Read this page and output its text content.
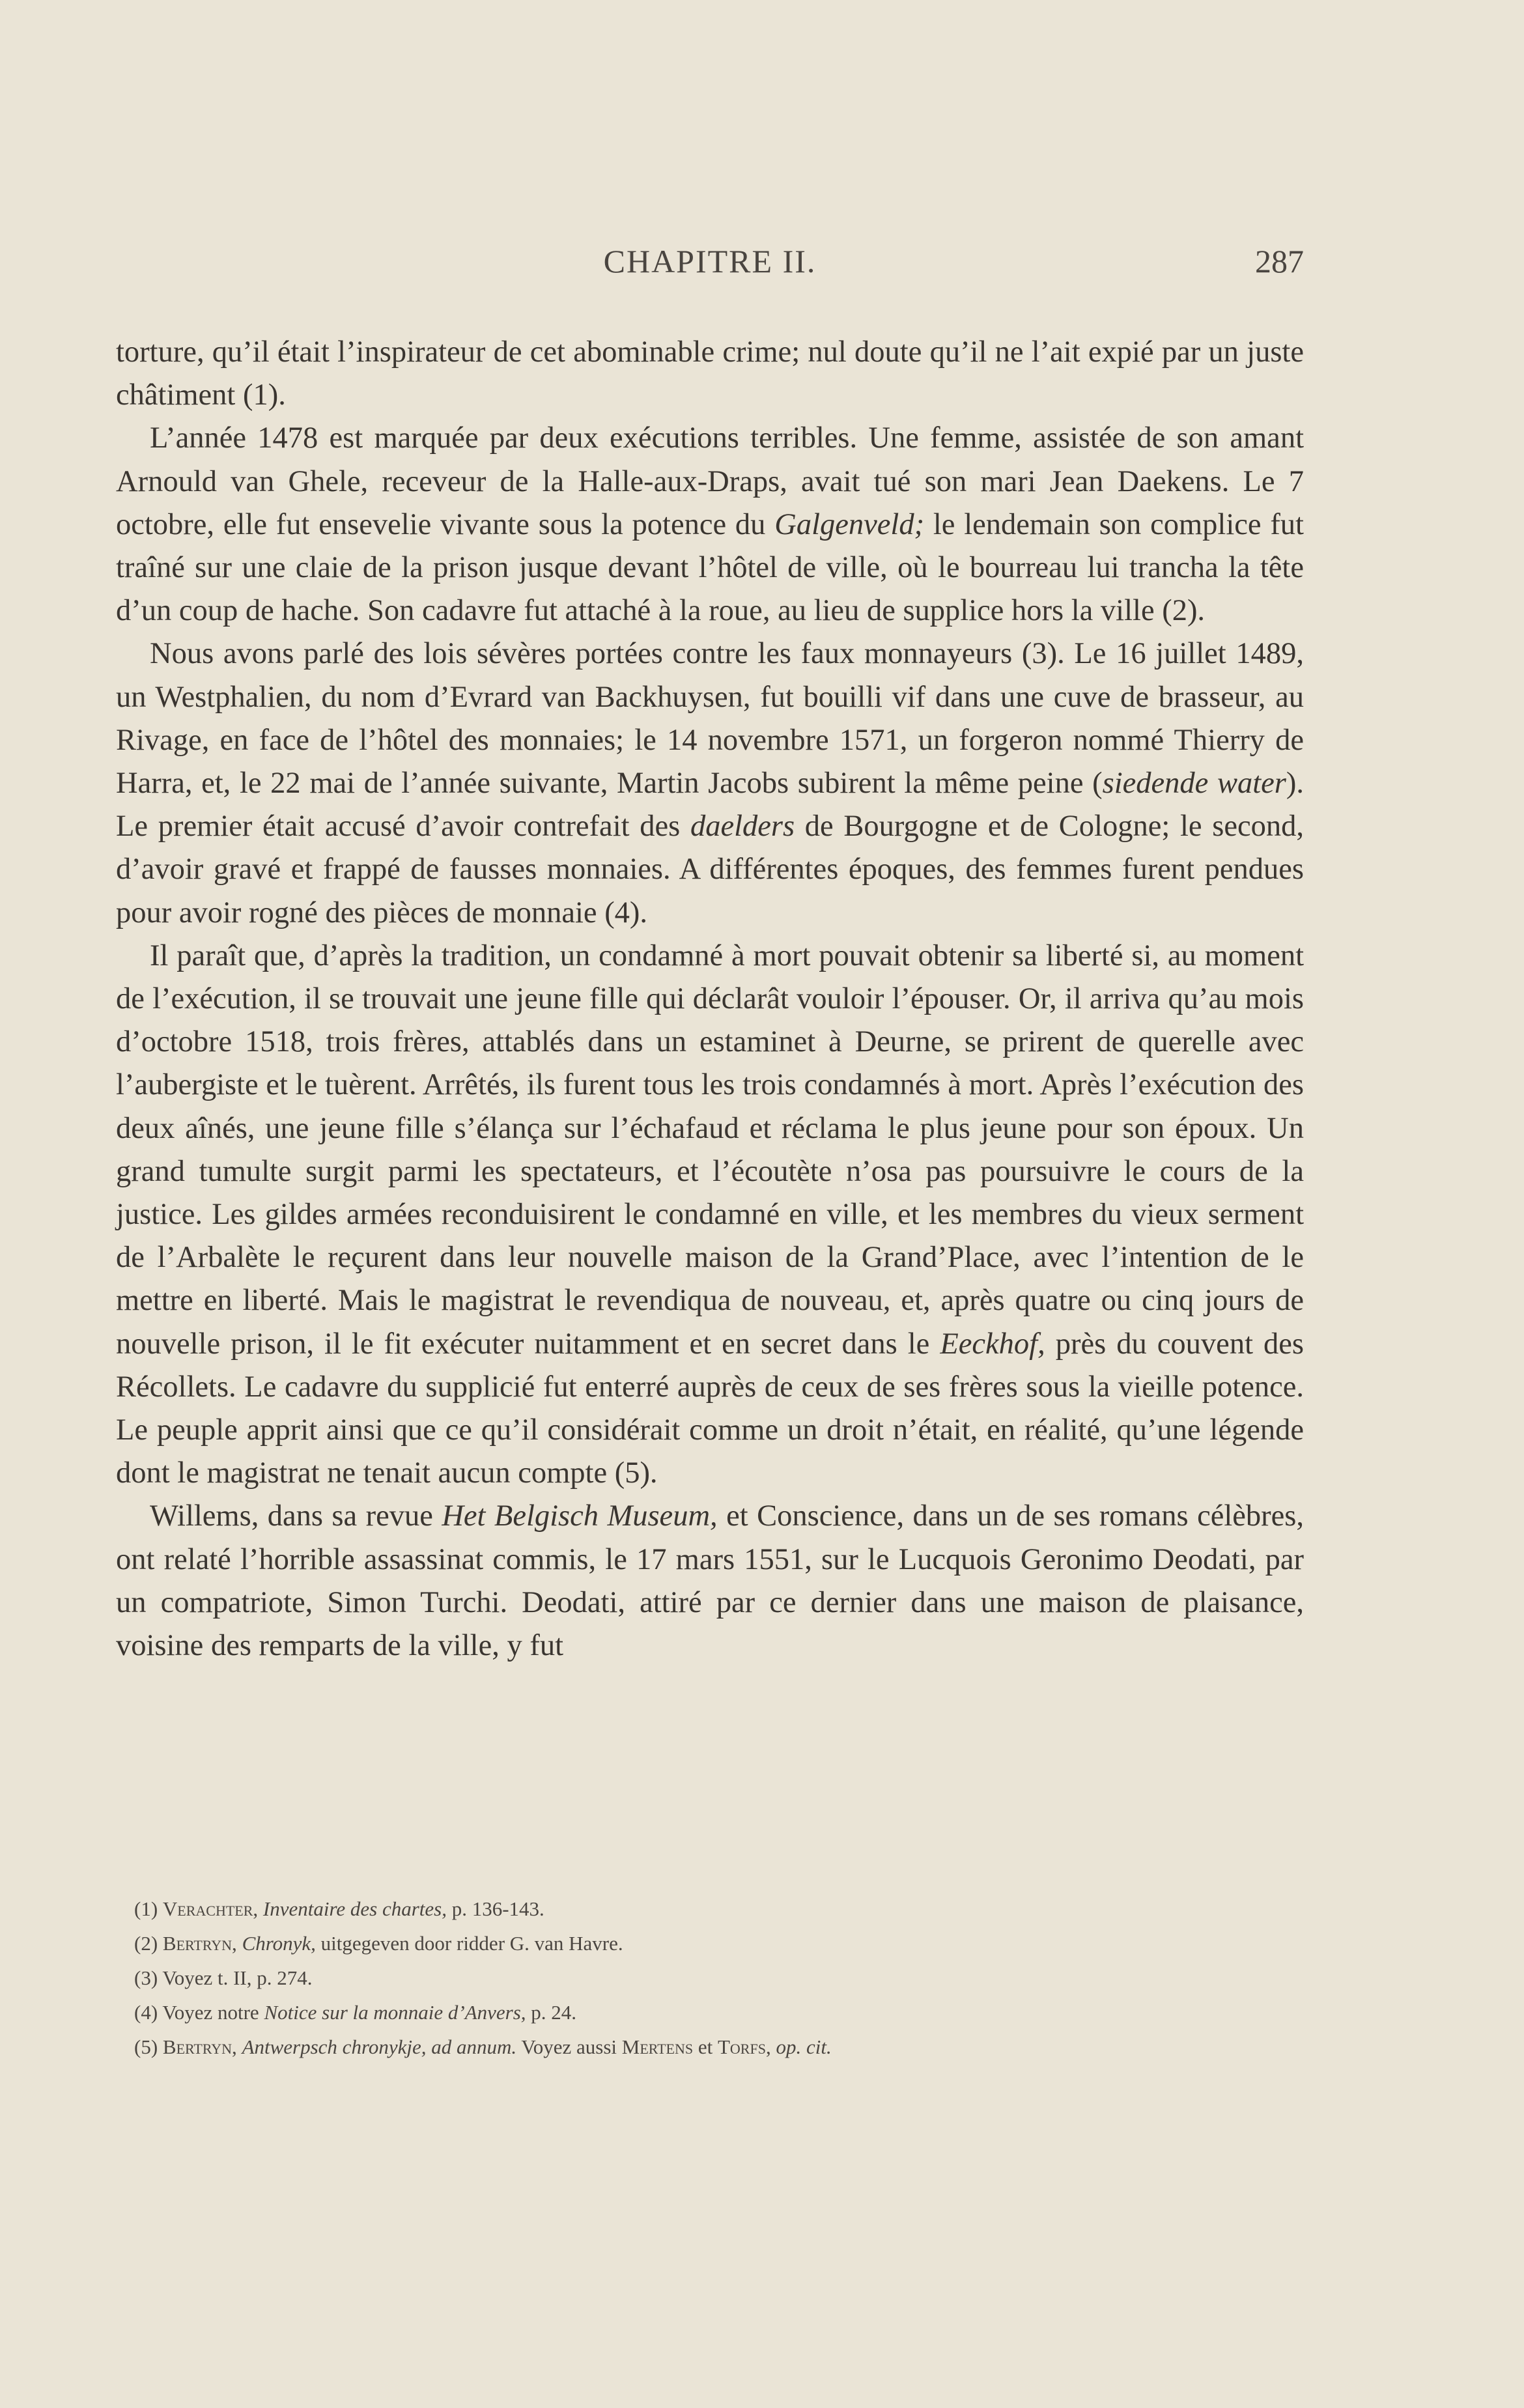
CHAPITRE II.	287

torture, qu’il était l’inspirateur de cet abominable crime; nul doute qu’il ne l’ait expié par un juste châtiment (1).

L’année 1478 est marquée par deux exécutions terribles. Une femme, assistée de son amant Arnould van Ghele, receveur de la Halle-aux-Draps, avait tué son mari Jean Daekens. Le 7 octobre, elle fut ensevelie vivante sous la potence du Galgenveld; le lendemain son complice fut traîné sur une claie de la prison jusque devant l’hôtel de ville, où le bourreau lui trancha la tête d’un coup de hache. Son cadavre fut attaché à la roue, au lieu de supplice hors la ville (2).

Nous avons parlé des lois sévères portées contre les faux monnayeurs (3). Le 16 juillet 1489, un Westphalien, du nom d’Evrard van Backhuysen, fut bouilli vif dans une cuve de brasseur, au Rivage, en face de l’hôtel des monnaies; le 14 novembre 1571, un forgeron nommé Thierry de Harra, et, le 22 mai de l’année suivante, Martin Jacobs subirent la même peine (siedende water). Le premier était accusé d’avoir contrefait des daelders de Bourgogne et de Cologne; le second, d’avoir gravé et frappé de fausses monnaies. A différentes époques, des femmes furent pendues pour avoir rogné des pièces de monnaie (4).

Il paraît que, d’après la tradition, un condamné à mort pouvait obtenir sa liberté si, au moment de l’exécution, il se trouvait une jeune fille qui déclarât vouloir l’épouser. Or, il arriva qu’au mois d’octobre 1518, trois frères, attablés dans un estaminet à Deurne, se prirent de querelle avec l’aubergiste et le tuèrent. Arrêtés, ils furent tous les trois condamnés à mort. Après l’exécution des deux aînés, une jeune fille s’élança sur l’échafaud et réclama le plus jeune pour son époux. Un grand tumulte surgit parmi les spectateurs, et l’écoutète n’osa pas poursuivre le cours de la justice. Les gildes armées reconduisirent le condamné en ville, et les membres du vieux serment de l’Arbalète le reçurent dans leur nouvelle maison de la Grand’Place, avec l’intention de le mettre en liberté. Mais le magistrat le revendiqua de nouveau, et, après quatre ou cinq jours de nouvelle prison, il le fit exécuter nuitamment et en secret dans le Eeckhof, près du couvent des Récollets. Le cadavre du supplicié fut enterré auprès de ceux de ses frères sous la vieille potence. Le peuple apprit ainsi que ce qu’il considérait comme un droit n’était, en réalité, qu’une légende dont le magistrat ne tenait aucun compte (5).

Willems, dans sa revue Het Belgisch Museum, et Conscience, dans un de ses romans célèbres, ont relaté l’horrible assassinat commis, le 17 mars 1551, sur le Lucquois Geronimo Deodati, par un compatriote, Simon Turchi. Deodati, attiré par ce dernier dans une maison de plaisance, voisine des remparts de la ville, y fut

(1) Verachter, Inventaire des chartes, p. 136-143.

(2) Bertryn, Chronyk, uitgegeven door ridder G. van Havre.

(3) Voyez t. II, p. 274.

(4) Voyez notre Notice sur la monnaie d’Anvers, p. 24.

(5) Bertryn, Antwerpsch chronykje, ad annum. Voyez aussi Mertens et Torfs, op. cit.
